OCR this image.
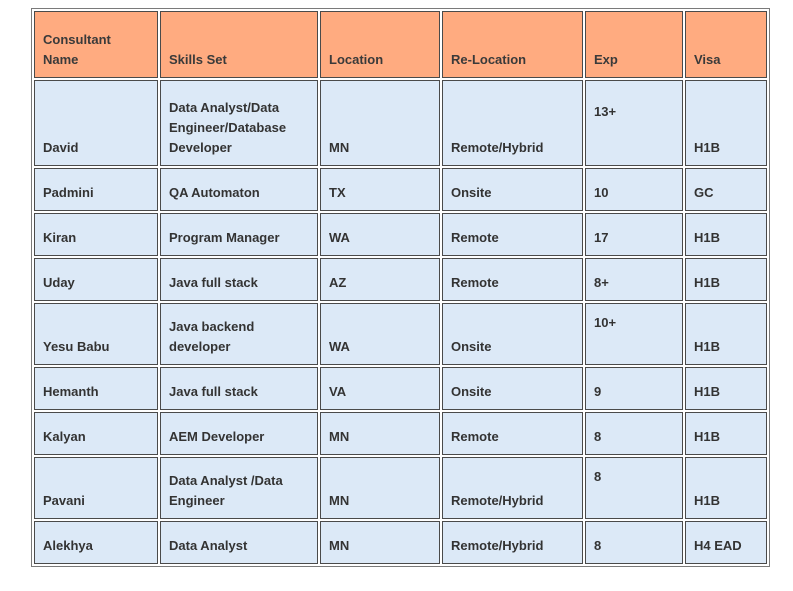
Consultant Name	Skills Set	Location	Re-Location	Exp	Visa
David	Data Analyst/Data Engineer/Database Developer	MN	Remote/Hybrid	13+	H1B
Padmini	QA Automaton	TX	Onsite	10	GC
Kiran	Program Manager	WA	Remote	17	H1B
Uday	Java full stack	AZ	Remote	8+	H1B
Yesu Babu	Java backend developer	WA	Onsite	10+	H1B
Hemanth	Java full stack	VA	Onsite	9	H1B
Kalyan	AEM Developer	MN	Remote	8	H1B
Pavani	Data Analyst /Data Engineer	MN	Remote/Hybrid	8	H1B
Alekhya	Data Analyst	MN	Remote/Hybrid	8	H4 EAD
